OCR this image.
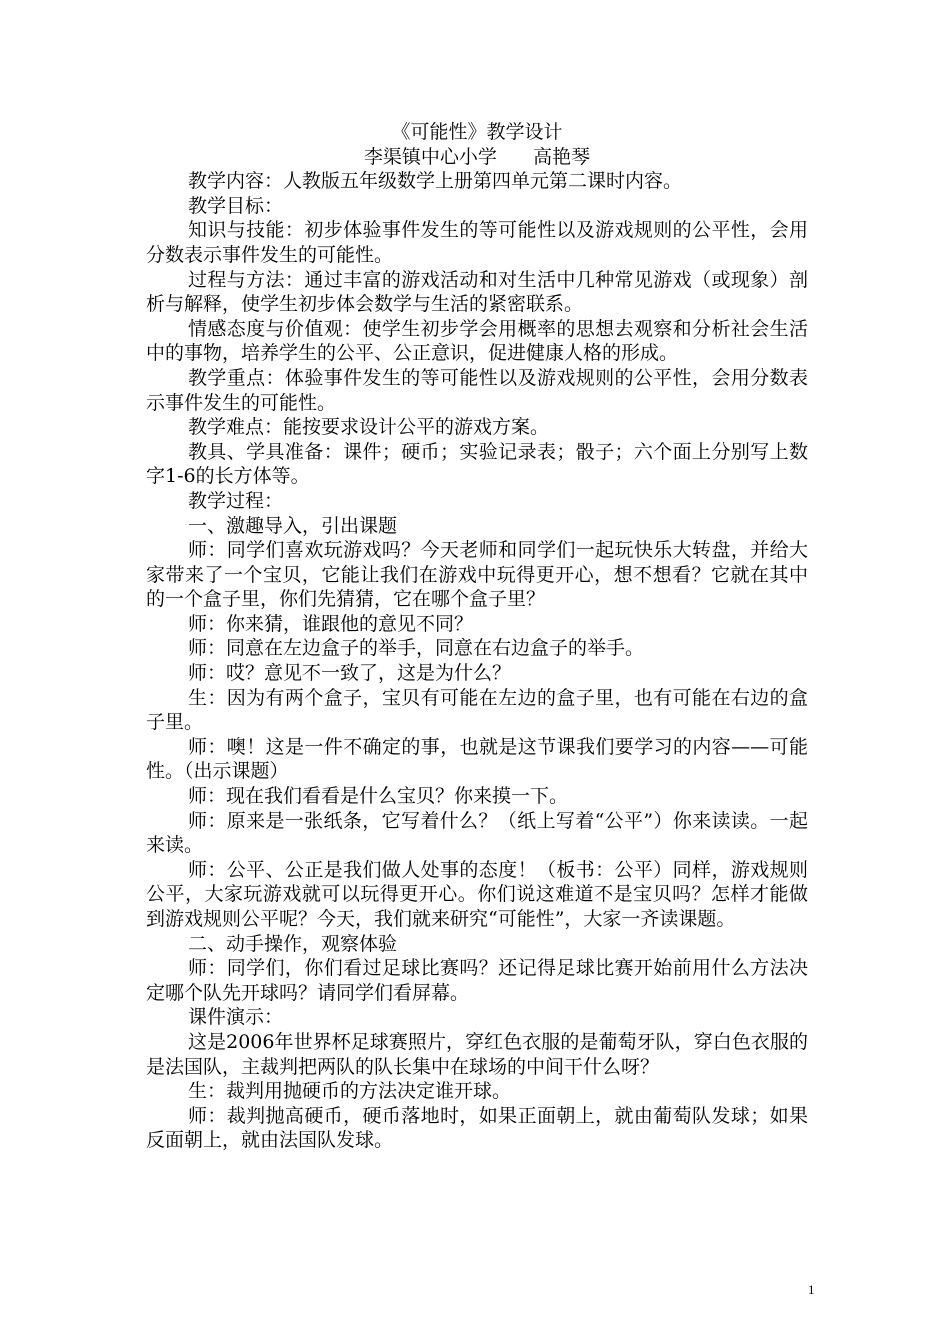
《可能性》教学设计

李渠镇中心小学      高艳琴

教学内容：人教版五年级数学上册第四单元第二课时内容。

教学目标：

知识与技能：初步体验事件发生的等可能性以及游戏规则的公平性，会用分数表示事件发生的可能性。

过程与方法：通过丰富的游戏活动和对生活中几种常见游戏（或现象）剖析与解释，使学生初步体会数学与生活的紧密联系。

情感态度与价值观：使学生初步学会用概率的思想去观察和分析社会生活中的事物，培养学生的公平、公正意识，促进健康人格的形成。

教学重点：体验事件发生的等可能性以及游戏规则的公平性，会用分数表示事件发生的可能性。

教学难点：能按要求设计公平的游戏方案。

教具、学具准备：课件；硬币；实验记录表；骰子；六个面上分别写上数字1-6的长方体等。

教学过程：

一、激趣导入，引出课题

师：同学们喜欢玩游戏吗？今天老师和同学们一起玩快乐大转盘，并给大家带来了一个宝贝，它能让我们在游戏中玩得更开心，想不想看？它就在其中的一个盒子里，你们先猜猜，它在哪个盒子里？

师：你来猜，谁跟他的意见不同？

师：同意在左边盒子的举手，同意在右边盒子的举手。

师：哎？意见不一致了，这是为什么？

生：因为有两个盒子，宝贝有可能在左边的盒子里，也有可能在右边的盒子里。

师：噢！这是一件不确定的事，也就是这节课我们要学习的内容——可能性。（出示课题）

师：现在我们看看是什么宝贝？你来摸一下。

师：原来是一张纸条，它写着什么？（纸上写着“公平”）你来读读。一起来读。

师：公平、公正是我们做人处事的态度！（板书：公平）同样，游戏规则公平，大家玩游戏就可以玩得更开心。你们说这难道不是宝贝吗？怎样才能做到游戏规则公平呢？今天，我们就来研究“可能性”，大家一齐读课题。

二、动手操作，观察体验

师：同学们，你们看过足球比赛吗？还记得足球比赛开始前用什么方法决定哪个队先开球吗？请同学们看屏幕。

课件演示：

这是2006年世界杯足球赛照片，穿红色衣服的是葡萄牙队，穿白色衣服的是法国队，主裁判把两队的队长集中在球场的中间干什么呀？

生：裁判用抛硬币的方法决定谁开球。

师：裁判抛高硬币，硬币落地时，如果正面朝上，就由葡萄队发球；如果反面朝上，就由法国队发球。

1
